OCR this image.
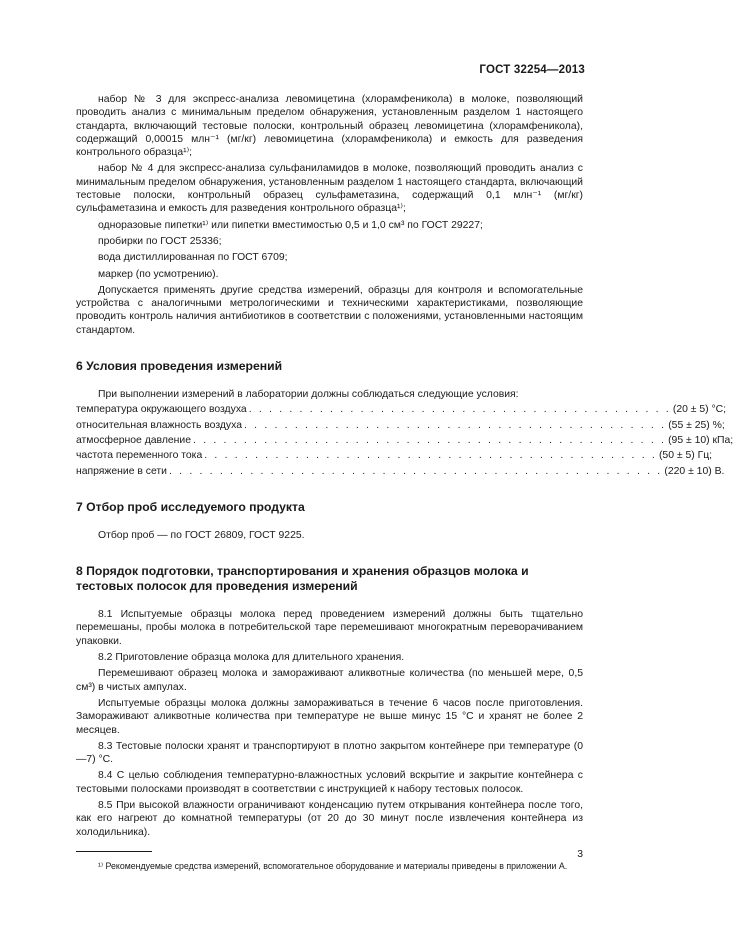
ГОСТ 32254—2013

набор № 3 для экспресс-анализа левомицетина (хлорамфеникола) в молоке, позволяющий проводить анализ с минимальным пределом обнаружения, установленным разделом 1 настоящего стандарта, включающий тестовые полоски, контрольный образец левомицетина (хлорамфеникола), содержащий 0,00015 млн⁻¹ (мг/кг) левомицетина (хлорамфеникола) и емкость для разведения контрольного образца¹⁾;

набор № 4 для экспресс-анализа сульфаниламидов в молоке, позволяющий проводить анализ с минимальным пределом обнаружения, установленным разделом 1 настоящего стандарта, включающий тестовые полоски, контрольный образец сульфаметазина, содержащий 0,1 млн⁻¹ (мг/кг) сульфаметазина и емкость для разведения контрольного образца¹⁾;

одноразовые пипетки¹⁾ или пипетки вместимостью 0,5 и 1,0 см³ по ГОСТ 29227;

пробирки по ГОСТ 25336;

вода дистиллированная по ГОСТ 6709;

маркер (по усмотрению).

Допускается применять другие средства измерений, образцы для контроля и вспомогательные устройства с аналогичными метрологическими и техническими характеристиками, позволяющие проводить контроль наличия антибиотиков в соответствии с положениями, установленными настоящим стандартом.

6 Условия проведения измерений

При выполнении измерений в лаборатории должны соблюдаться следующие условия:

температура окружающего воздуха . . . . . . . . . . . . . . . . . . . . . . . . . . . . . . . . . . . . . . . . . . (20 ± 5) °С;
относительная влажность воздуха . . . . . . . . . . . . . . . . . . . . . . . . . . . . . . . . . . . . . . . . . . (55 ± 25) %;
атмосферное давление . . . . . . . . . . . . . . . . . . . . . . . . . . . . . . . . . . . . . . . . . . . . . . . (95 ± 10) кПа;
частота переменного тока . . . . . . . . . . . . . . . . . . . . . . . . . . . . . . . . . . . . . . . . . . . . . (50 ± 5) Гц;
напряжение в сети . . . . . . . . . . . . . . . . . . . . . . . . . . . . . . . . . . . . . . . . . . . . . . . . . (220 ± 10) В.
7 Отбор проб исследуемого продукта

Отбор проб — по ГОСТ 26809, ГОСТ 9225.

8 Порядок подготовки, транспортирования и хранения образцов молока и тестовых полосок для проведения измерений

8.1 Испытуемые образцы молока перед проведением измерений должны быть тщательно перемешаны, пробы молока в потребительской таре перемешивают многократным переворачиванием упаковки.

8.2 Приготовление образца молока для длительного хранения.

Перемешивают образец молока и замораживают аликвотные количества (по меньшей мере, 0,5 см³) в чистых ампулах.

Испытуемые образцы молока должны замораживаться в течение 6 часов после приготовления. Замораживают аликвотные количества при температуре не выше минус 15 °С и хранят не более 2 месяцев.

8.3 Тестовые полоски хранят и транспортируют в плотно закрытом контейнере при температуре (0—7) °С.

8.4 С целью соблюдения температурно-влажностных условий вскрытие и закрытие контейнера с тестовыми полосками производят в соответствии с инструкцией к набору тестовых полосок.

8.5 При высокой влажности ограничивают конденсацию путем открывания контейнера после того, как его нагреют до комнатной температуры (от 20 до 30 минут после извлечения контейнера из холодильника).

¹⁾ Рекомендуемые средства измерений, вспомогательное оборудование и материалы приведены в приложении А.

3
